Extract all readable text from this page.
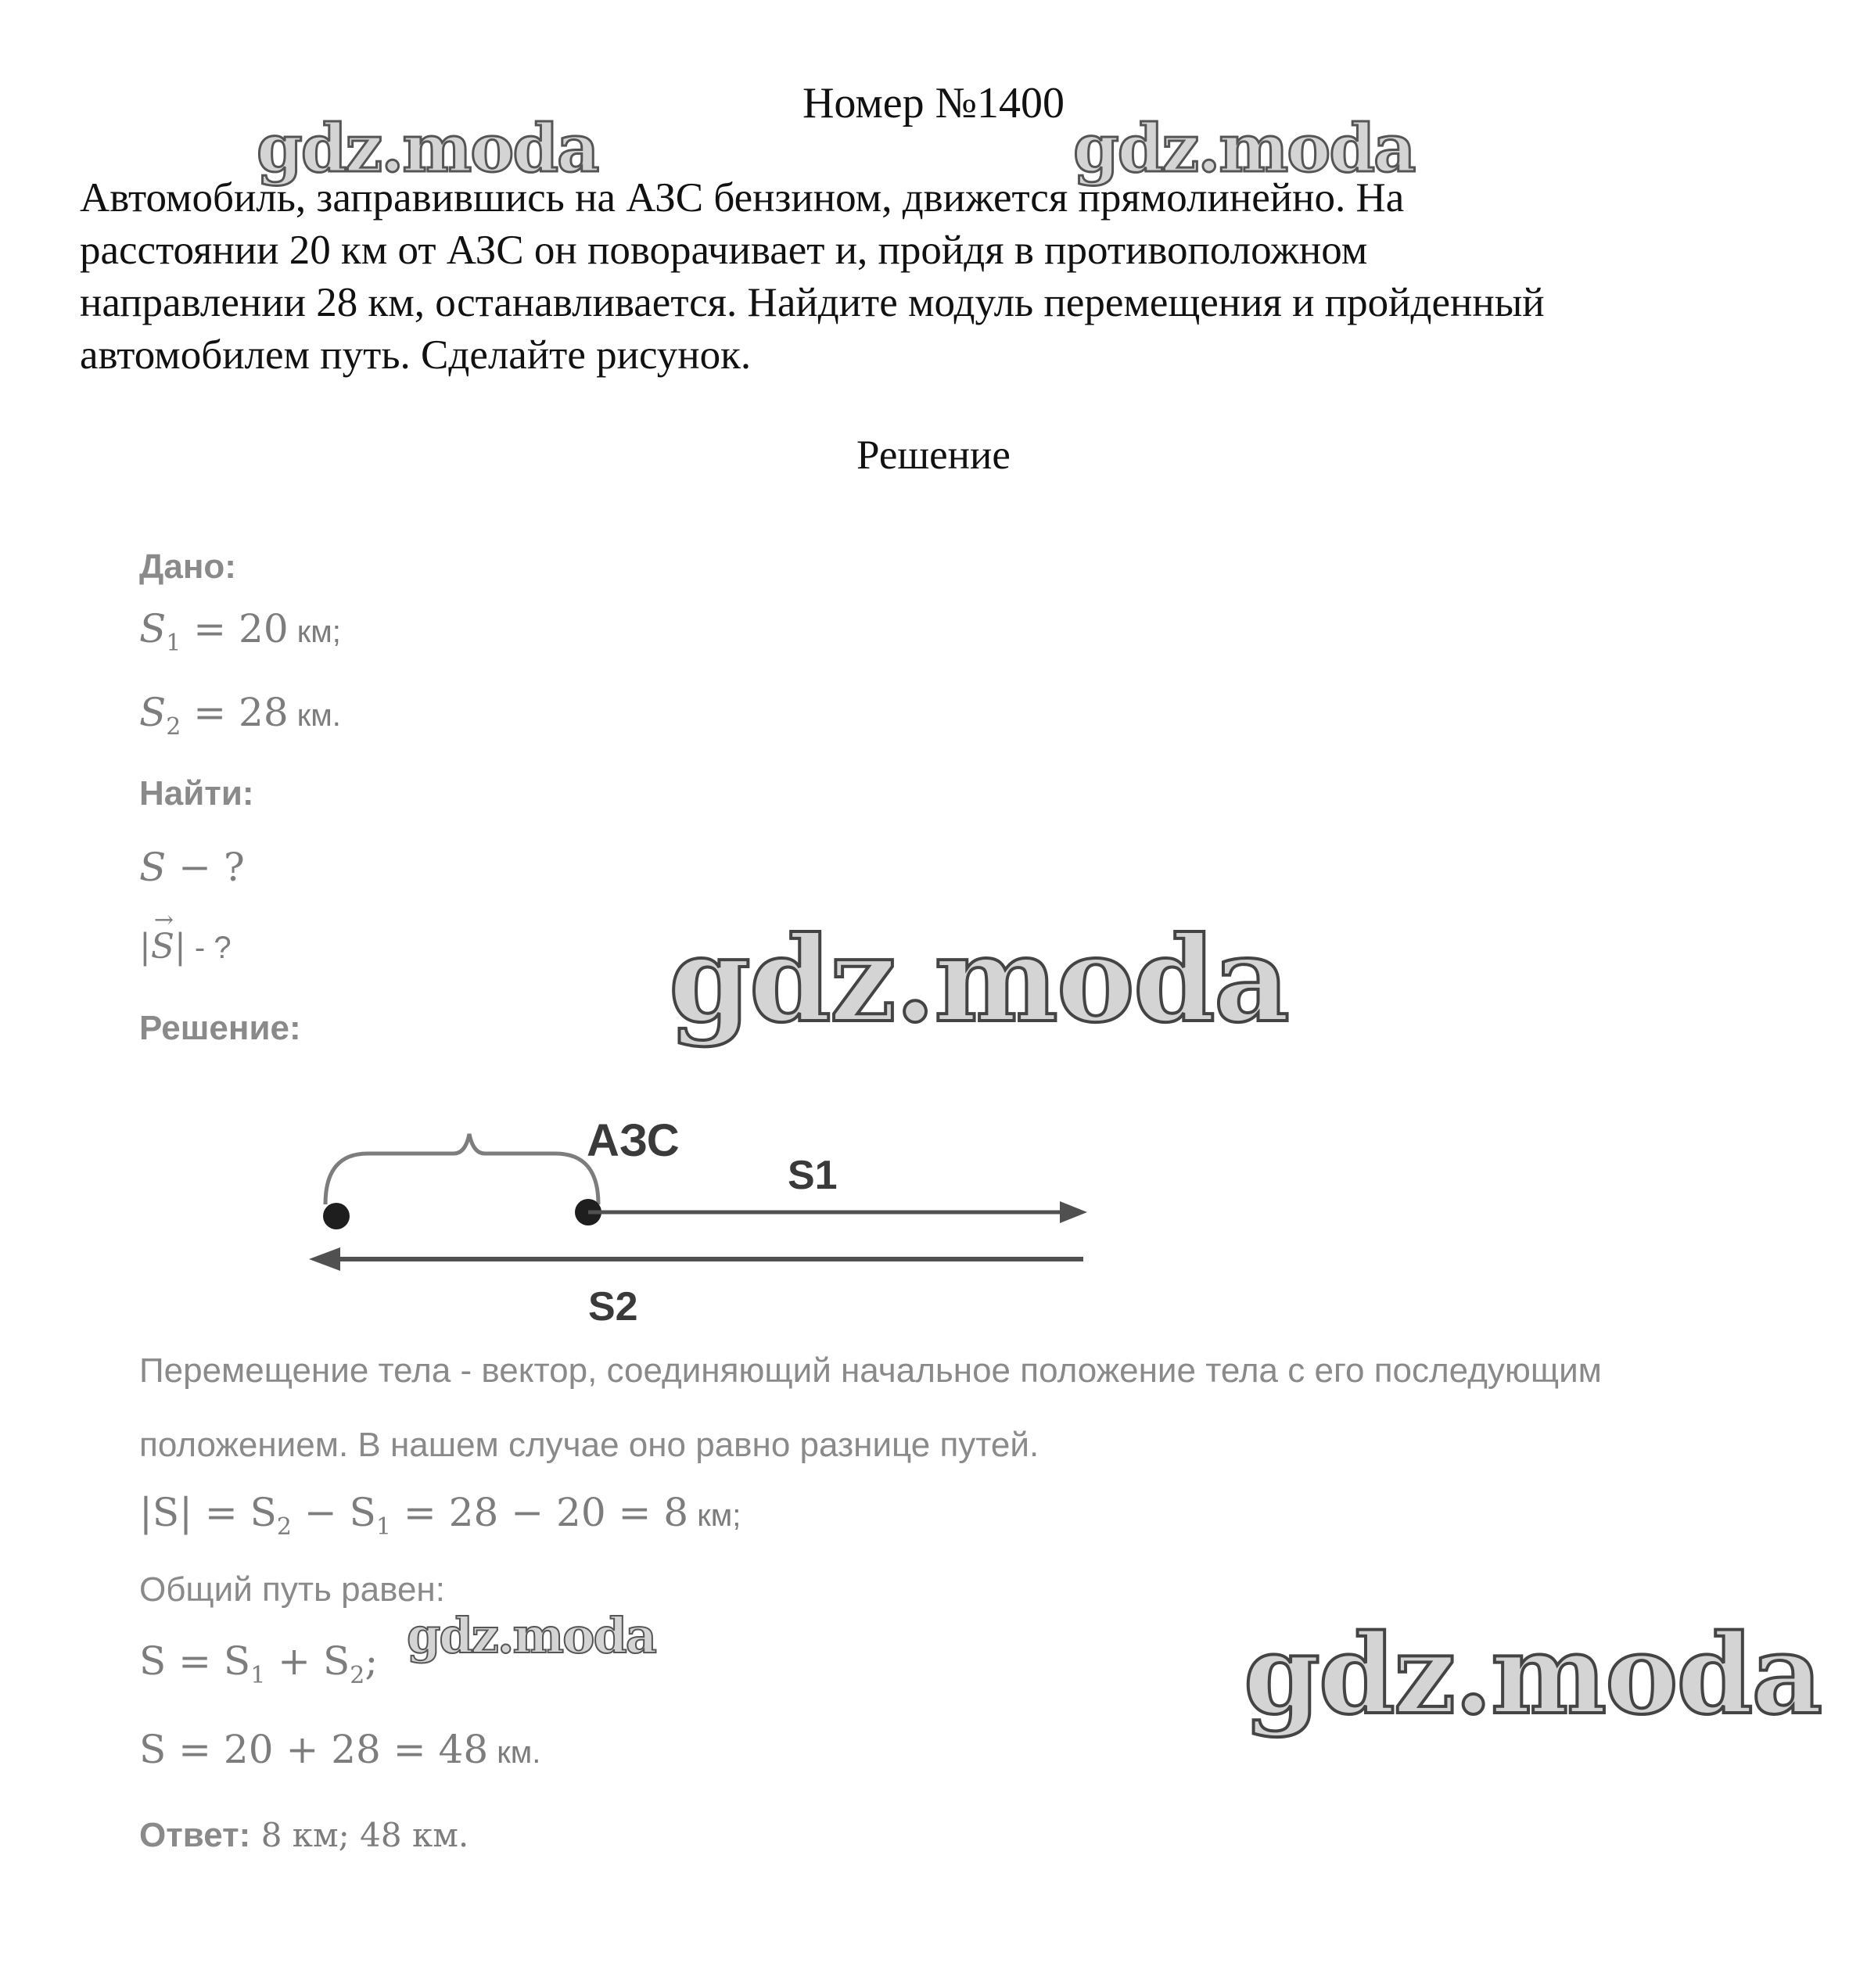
Номер №1400
gdz.moda	gdz.moda
Автомобиль, заправившись на АЗС бензином, движется прямолинейно. На
расстоянии 20 км от АЗС он поворачивает и, пройдя в противоположном
направлении 28 км, останавливается. Найдите модуль перемещения и пройденный
автомобилем путь. Сделайте рисунок.
Решение
Дано:
$S_1 = 20$ км;
$S_2 = 28$ км.
Найти:
S − ?
|
→
S| - ?	gdz.moda
Решение:
АЗС
S1
S2
Перемещение тела - вектор, соединяющий начальное положение тела с его последующим
положением. В нашем случае оно равно разнице путей.
$|S| = S_2 - S_1 = 28 - 20 = 8$ км;
Общий путь равен:
$S = S_1 + S_2$; gdz.moda	gdz.moda
S = 20 + 28 = 48 км.
Ответ: 8 км; 48 км.
